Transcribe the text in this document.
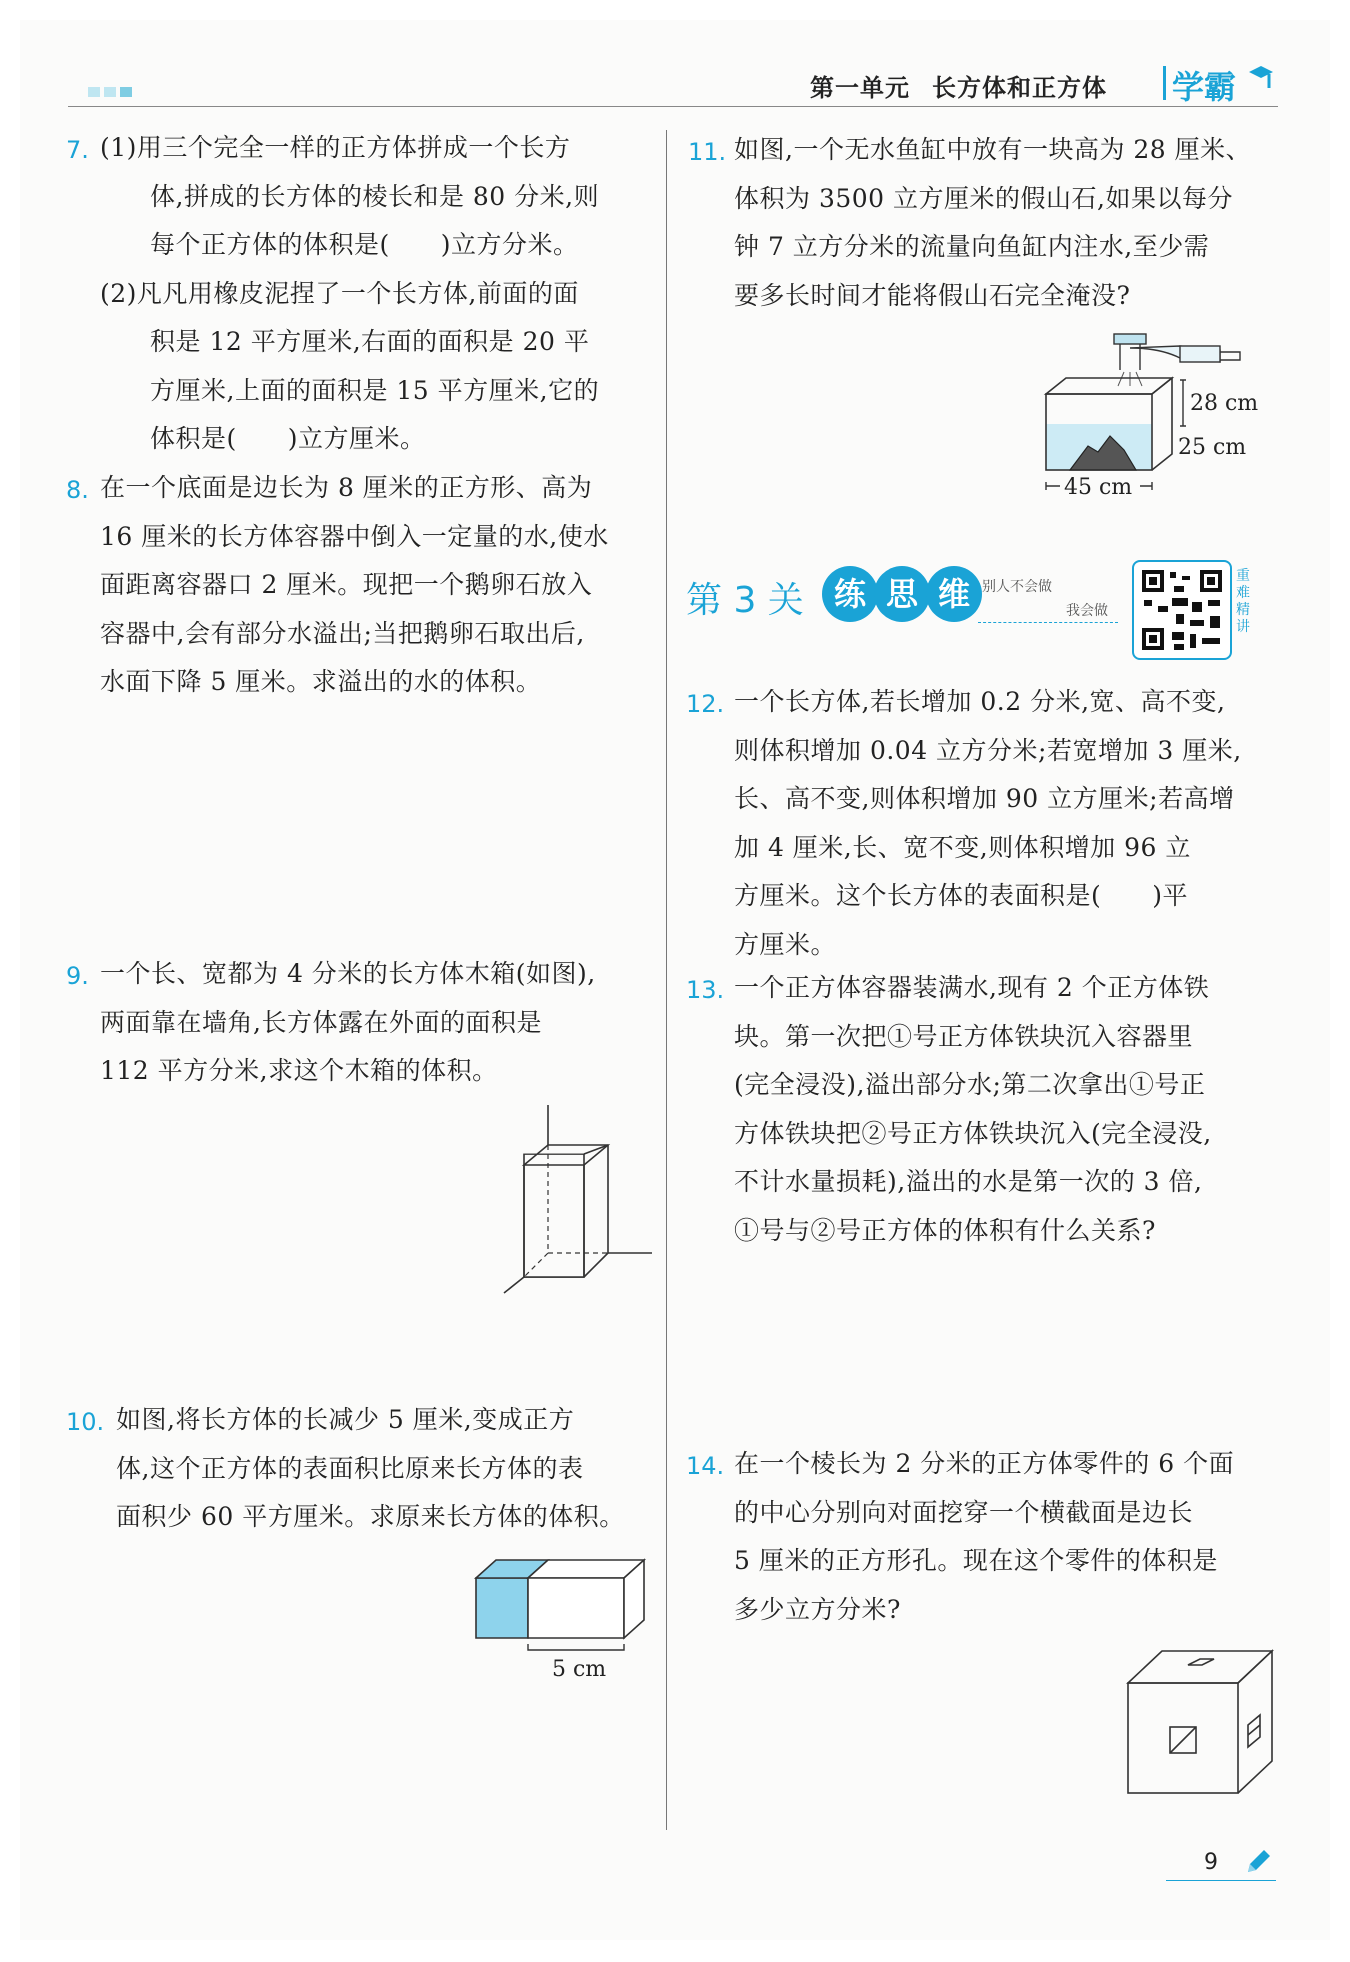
第一单元 长方体和正方体 学霸
7. (1)用三个完全一样的正方体拼成一个长方

体,拼成的长方体的棱长和是 80 分米,则

每个正方体的体积是(　　)立方分米。

(2)凡凡用橡皮泥捏了一个长方体,前面的面

积是 12 平方厘米,右面的面积是 20 平

方厘米,上面的面积是 15 平方厘米,它的

体积是(　　)立方厘米。

8. 在一个底面是边长为 8 厘米的正方形、高为

16 厘米的长方体容器中倒入一定量的水,使水

面距离容器口 2 厘米。现把一个鹅卵石放入

容器中,会有部分水溢出;当把鹅卵石取出后,

水面下降 5 厘米。求溢出的水的体积。

9. 一个长、宽都为 4 分米的长方体木箱(如图),

两面靠在墙角,长方体露在外面的面积是

112 平方分米,求这个木箱的体积。

10. 如图,将长方体的长减少 5 厘米,变成正方

体,这个正方体的表面积比原来长方体的表

面积少 60 平方厘米。求原来长方体的体积。

5 cm
11. 如图,一个无水鱼缸中放有一块高为 28 厘米、

体积为 3500 立方厘米的假山石,如果以每分

钟 7 立方分米的流量向鱼缸内注水,至少需

要多长时间才能将假山石完全淹没?

28 cm
25 cm
45 cm
第 3 关 练 思 维 别人不会做
我会做
重难精讲
12. 一个长方体,若长增加 0.2 分米,宽、高不变,

则体积增加 0.04 立方分米;若宽增加 3 厘米,

长、高不变,则体积增加 90 立方厘米;若高增

加 4 厘米,长、宽不变,则体积增加 96 立

方厘米。这个长方体的表面积是(　　)平

方厘米。

13. 一个正方体容器装满水,现有 2 个正方体铁

块。第一次把①号正方体铁块沉入容器里

(完全浸没),溢出部分水;第二次拿出①号正

方体铁块把②号正方体铁块沉入(完全浸没,

不计水量损耗),溢出的水是第一次的 3 倍,

①号与②号正方体的体积有什么关系?

14. 在一个棱长为 2 分米的正方体零件的 6 个面

的中心分别向对面挖穿一个横截面是边长

5 厘米的正方形孔。现在这个零件的体积是

多少立方分米?

9
